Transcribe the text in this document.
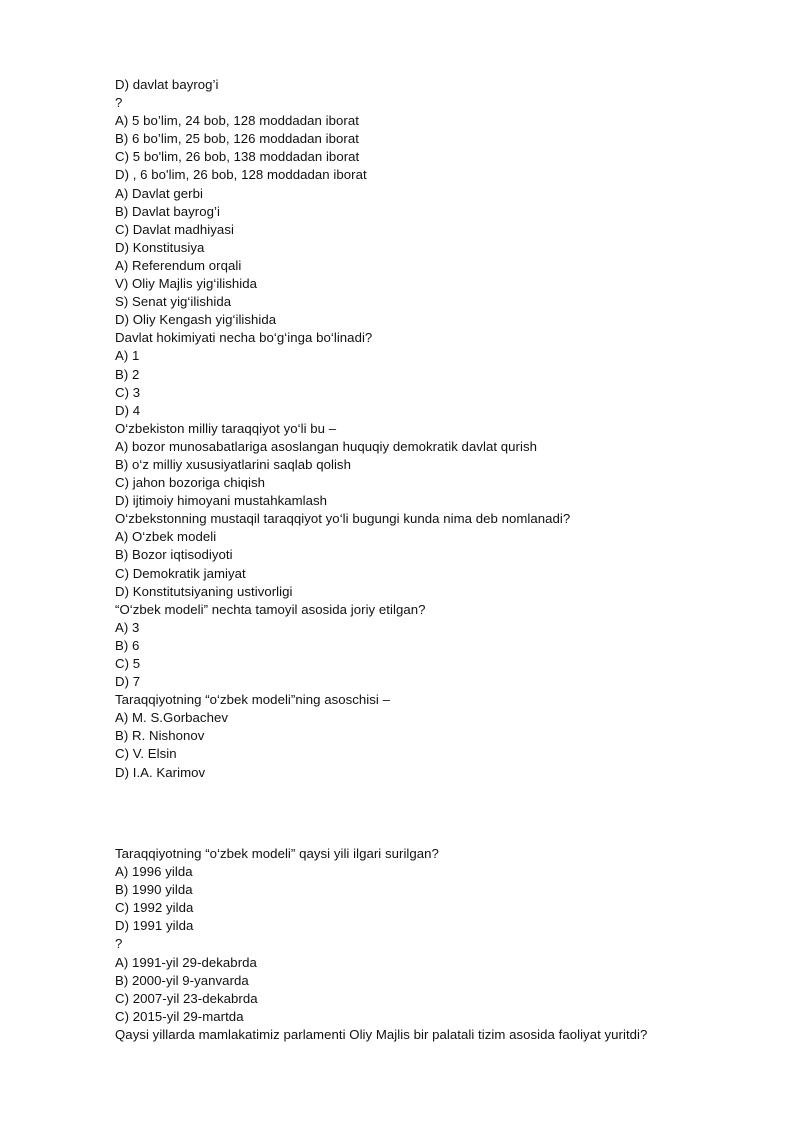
D) davlat bayrog’i
?
A) 5 bo’lim, 24 bob, 128 moddadan iborat
B) 6 bo’lim, 25 bob, 126 moddadan iborat
C) 5 bo'lim, 26 bob, 138 moddadan iborat
D) , 6 bo'lim, 26 bob, 128 moddadan iborat
A) Davlat gerbi
B) Davlat bayrog’i
C) Davlat madhiyasi
D) Konstitusiya
A) Referendum orqali
V) Oliy Majlis yig‘ilishida
S) Senat yig‘ilishida
D) Oliy Kengash yig‘ilishida
Davlat hokimiyati necha bo‘g‘inga bo‘linadi?
A) 1
B) 2
C) 3
D) 4
O‘zbekiston milliy taraqqiyot yo‘li bu –
A) bozor munosabatlariga asoslangan huquqiy demokratik davlat qurish
B) o‘z milliy xususiyatlarini saqlab qolish
C) jahon bozoriga chiqish
D) ijtimoiy himoyani mustahkamlash
O‘zbekstonning mustaqil taraqqiyot yo‘li bugungi kunda nima deb nomlanadi?
A) O‘zbek modeli
B) Bozor iqtisodiyoti
C) Demokratik jamiyat
D) Konstitutsiyaning ustivorligi
“O‘zbek modeli” nechta tamoyil asosida joriy etilgan?
A) 3
B) 6
C) 5
D) 7
Taraqqiyotning “o‘zbek modeli”ning asoschisi –
A) M. S.Gorbachev
B) R. Nishonov
C) V. Elsin
D) I.A. Karimov
Taraqqiyotning “o‘zbek modeli” qaysi yili ilgari surilgan?
A) 1996 yilda
B) 1990 yilda
C) 1992 yilda
D) 1991 yilda
?
A) 1991-yil 29-dekabrda
B) 2000-yil 9-yanvarda
C) 2007-yil 23-dekabrda
C) 2015-yil 29-martda
Qaysi yillarda mamlakatimiz parlamenti Oliy Majlis bir palatali tizim asosida faoliyat yuritdi?
